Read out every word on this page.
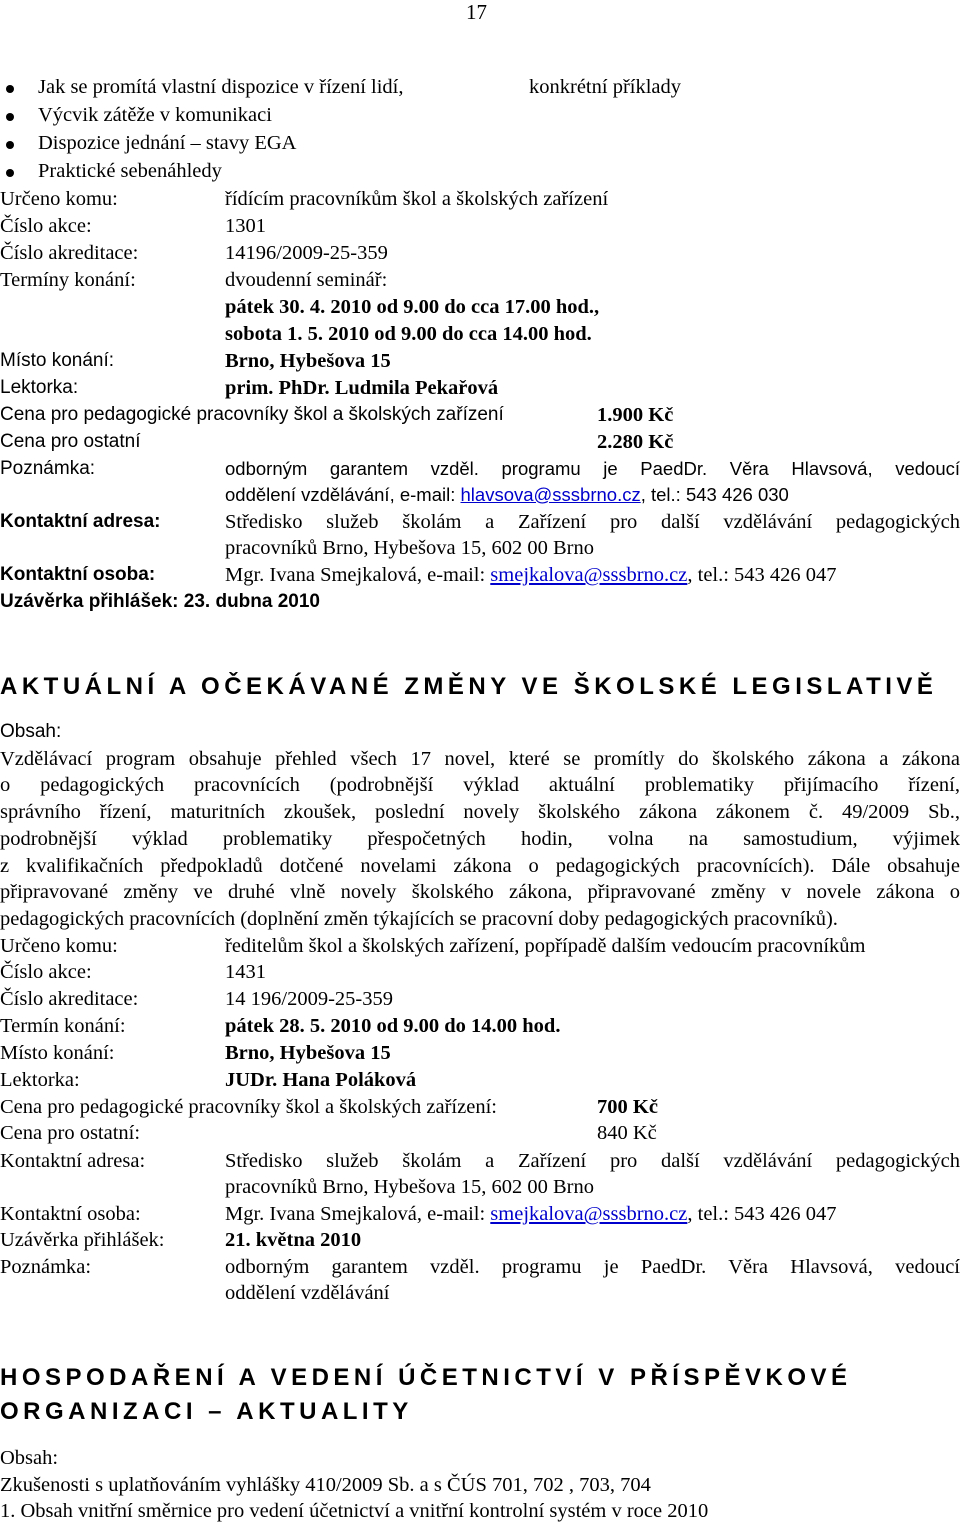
17
Jak se promítá vlastní dispozice v řízení lidí,	konkrétní příklady
Výcvik zátěže v komunikaci
Dispozice jednání – stavy EGA
Praktické sebenáhledy
Určeno komu:	řídícím pracovníkům škol a školských zařízení
Číslo akce:	1301
Číslo akreditace:	14196/2009-25-359
Termíny konání:	dvoudenní seminář:
pátek 30. 4. 2010 od 9.00 do cca 17.00 hod.,
sobota 1. 5. 2010 od 9.00 do cca 14.00 hod.
Místo konání:	Brno, Hybešova 15
Lektorka:	prim. PhDr. Ludmila Pekařová
Cena pro pedagogické pracovníky škol a školských zařízení	1.900 Kč
Cena pro ostatní	2.280 Kč
Poznámka:	odborným garantem vzděl. programu je PaedDr. Věra Hlavsová, vedoucí
oddělení vzdělávání, e-mail: hlavsova@sssbrno.cz, tel.: 543 426 030
Kontaktní adresa:	Středisko služeb školám a Zařízení pro další vzdělávání pedagogických
pracovníků Brno, Hybešova 15, 602 00 Brno
Kontaktní osoba:	Mgr. Ivana Smejkalová, e-mail: smejkalova@sssbrno.cz, tel.: 543 426 047
Uzávěrka přihlášek: 23. dubna 2010
AKTUÁLNÍ A OČEKÁVANÉ ZMĚNY VE ŠKOLSKÉ LEGISLATIVĚ
Obsah:
Vzdělávací program obsahuje přehled všech 17 novel, které se promítly do školského zákona a zákona
o pedagogických pracovnících (podrobnější výklad aktuální problematiky přijímacího řízení,
správního řízení, maturitních zkoušek, poslední novely školského zákona zákonem č. 49/2009 Sb.,
podrobnější výklad problematiky přespočetných hodin, volna na samostudium, výjimek
z kvalifikačních předpokladů dotčené novelami zákona o pedagogických pracovnících). Dále obsahuje
připravované změny ve druhé vlně novely školského zákona, připravované změny v novele zákona o
pedagogických pracovnících (doplnění změn týkajících se pracovní doby pedagogických pracovníků).
Určeno komu:	ředitelům škol a školských zařízení, popřípadě dalším vedoucím pracovníkům
Číslo akce:	1431
Číslo akreditace:	14 196/2009-25-359
Termín konání:	pátek 28. 5. 2010 od 9.00 do 14.00 hod.
Místo konání:	Brno, Hybešova 15
Lektorka:	JUDr. Hana Poláková
Cena pro pedagogické pracovníky škol a školských zařízení:	700 Kč
Cena pro ostatní:	840 Kč
Kontaktní adresa:	Středisko služeb školám a Zařízení pro další vzdělávání pedagogických
pracovníků Brno, Hybešova 15, 602 00 Brno
Kontaktní osoba:	Mgr. Ivana Smejkalová, e-mail: smejkalova@sssbrno.cz, tel.: 543 426 047
Uzávěrka přihlášek:	21. května 2010
Poznámka:	odborným garantem vzděl. programu je PaedDr. Věra Hlavsová, vedoucí
oddělení vzdělávání
HOSPODAŘENÍ A VEDENÍ ÚČETNICTVÍ V PŘÍSPĚVKOVÉ
ORGANIZACI – AKTUALITY
Obsah:
Zkušenosti s uplatňováním vyhlášky 410/2009 Sb. a s ČÚS 701, 702 , 703, 704
1. Obsah vnitřní směrnice pro vedení účetnictví a vnitřní kontrolní systém v roce 2010
